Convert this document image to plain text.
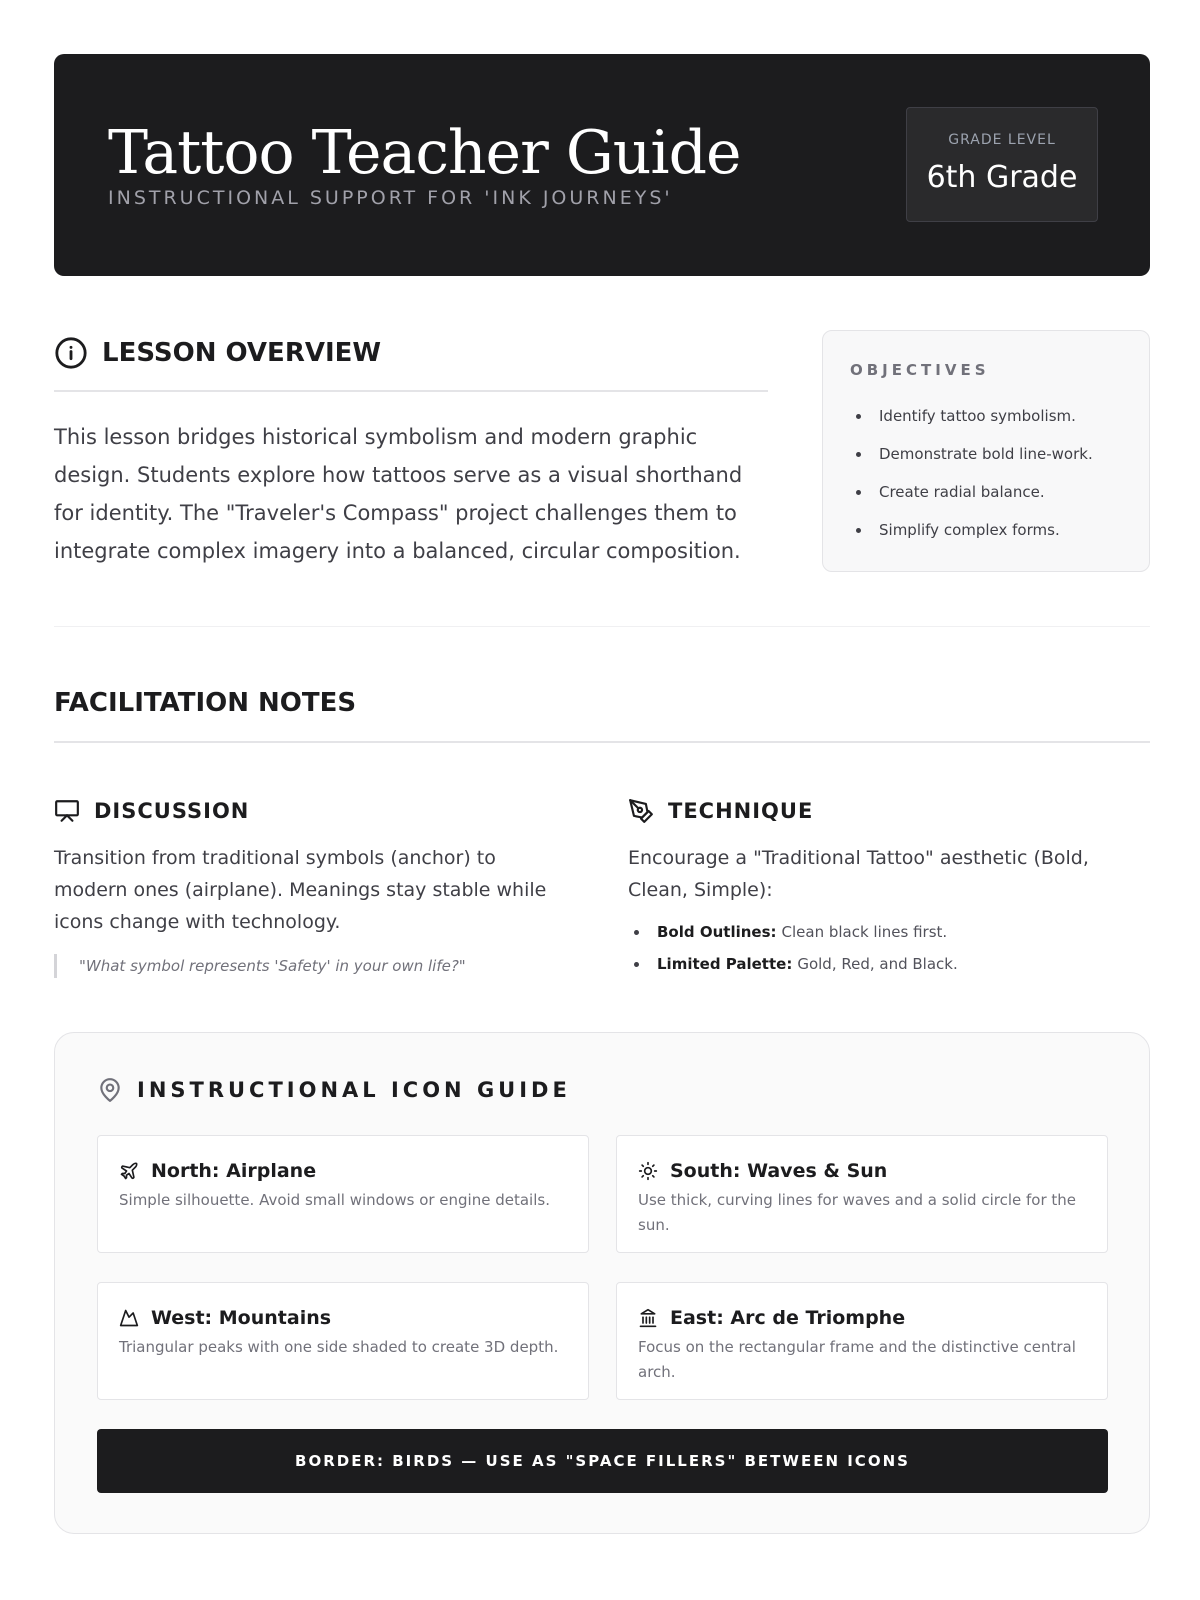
Tattoo Teacher Guide
INSTRUCTIONAL SUPPORT FOR 'INK JOURNEYS'
GRADE LEVEL
6th Grade
LESSON OVERVIEW
This lesson bridges historical symbolism and modern graphic design. Students explore how tattoos serve as a visual shorthand for identity. The "Traveler's Compass" project challenges them to integrate complex imagery into a balanced, circular composition.
OBJECTIVES
Identify tattoo symbolism.
Demonstrate bold line-work.
Create radial balance.
Simplify complex forms.
FACILITATION NOTES
DISCUSSION
Transition from traditional symbols (anchor) to modern ones (airplane). Meanings stay stable while icons change with technology.
"What symbol represents 'Safety' in your own life?"
TECHNIQUE
Encourage a "Traditional Tattoo" aesthetic (Bold, Clean, Simple):
Bold Outlines: Clean black lines first.
Limited Palette: Gold, Red, and Black.
INSTRUCTIONAL ICON GUIDE
North: Airplane
Simple silhouette. Avoid small windows or engine details.
South: Waves & Sun
Use thick, curving lines for waves and a solid circle for the sun.
West: Mountains
Triangular peaks with one side shaded to create 3D depth.
East: Arc de Triomphe
Focus on the rectangular frame and the distinctive central arch.
BORDER: BIRDS — USE AS "SPACE FILLERS" BETWEEN ICONS
